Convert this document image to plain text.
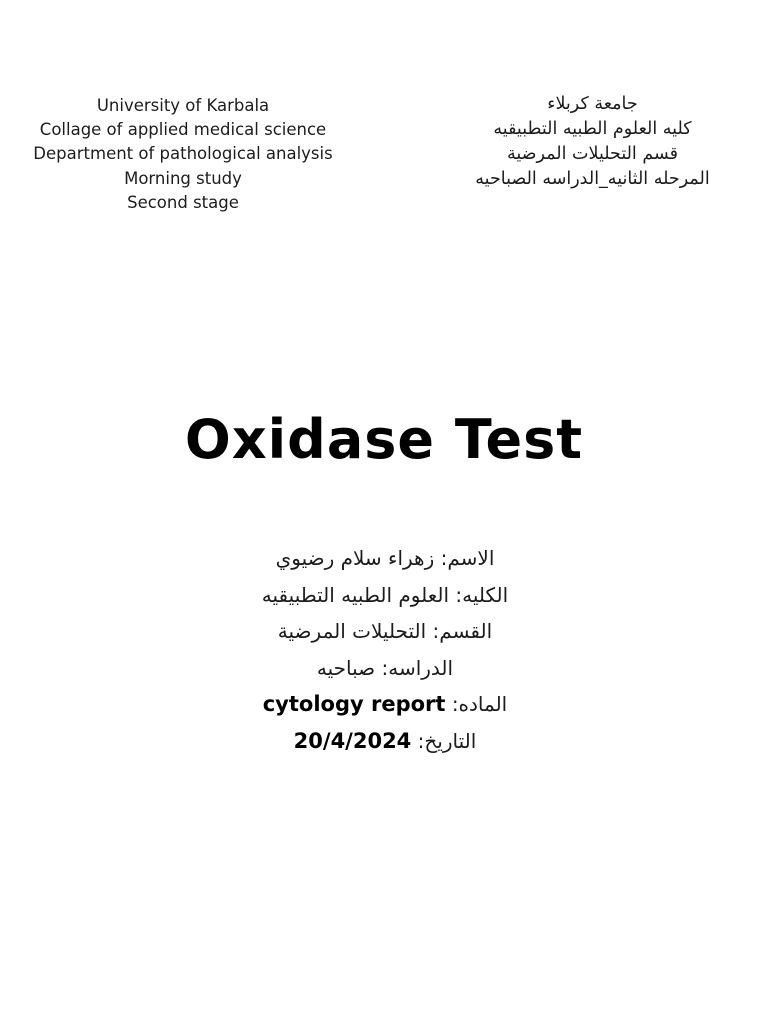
University of Karbala
Collage of applied medical science
Department of pathological analysis
Morning study
Second stage
جامعة كربلاء
كليه العلوم الطبيه التطبيقيه
قسم التحليلات المرضية
المرحله الثانيه_الدراسه الصباحيه
Oxidase Test
الاسم: زهراء سلام رضيوي
الكليه: العلوم الطبيه التطبيقيه
القسم: التحليلات المرضية
الدراسه: صباحيه
الماده: cytology report
التاريخ: 20/4/2024
